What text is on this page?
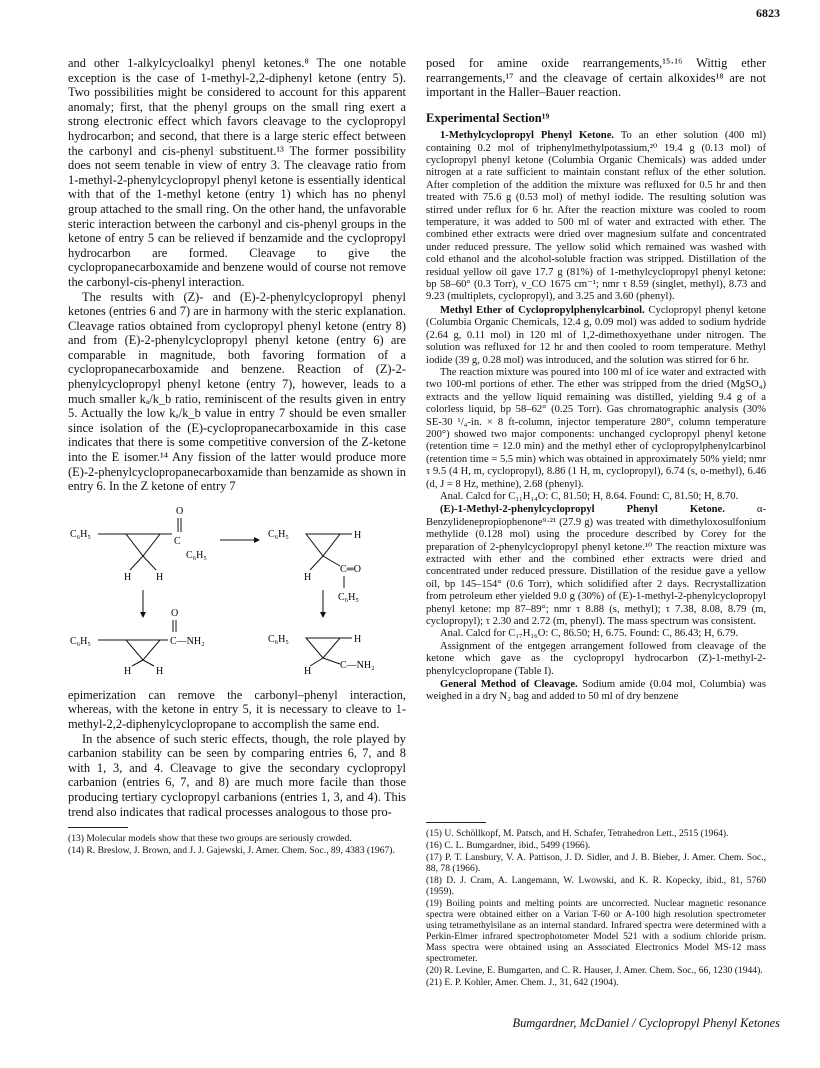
6823

and other 1-alkylcycloalkyl phenyl ketones.⁸ The one notable exception is the case of 1-methyl-2,2-diphenyl ketone (entry 5). Two possibilities might be considered to account for this apparent anomaly; first, that the phenyl groups on the small ring exert a strong electronic effect which favors cleavage to the cyclopropyl hydrocarbon; and second, that there is a large steric effect between the carbonyl and cis-phenyl substituent.¹³ The former possibility does not seem tenable in view of entry 3. The cleavage ratio from 1-methyl-2-phenylcyclopropyl phenyl ketone is essentially identical with that of the 1-methyl ketone (entry 1) which has no phenyl group attached to the small ring. On the other hand, the unfavorable steric interaction between the carbonyl and cis-phenyl groups in the ketone of entry 5 can be relieved if benzamide and the cyclopropyl hydrocarbon are formed. Cleavage to give the cyclopropanecarboxamide and benzene would of course not remove the carbonyl-cis-phenyl interaction.

The results with (Z)- and (E)-2-phenylcyclopropyl phenyl ketones (entries 6 and 7) are in harmony with the steric explanation. Cleavage ratios obtained from cyclopropyl phenyl ketone (entry 8) and from (E)-2-phenylcyclopropyl phenyl ketone (entry 6) are comparable in magnitude, both favoring formation of a cyclopropanecarboxamide and benzene. Reaction of (Z)-2-phenylcyclopropyl phenyl ketone (entry 7), however, leads to a much smaller kₐ/k_b ratio, reminiscent of the results given in entry 5. Actually the low kₐ/k_b value in entry 7 should be even smaller since isolation of the (E)-cyclopropanecarboxamide in this case indicates that there is some competitive conversion of the Z-ketone into the E isomer.¹⁴ Any fission of the latter would produce more (E)-2-phenylcyclopropanecarboxamide than benzamide as shown in entry 6. In the Z ketone of entry 7

C₆H₅
O
C
C₆H₅
H H
C₆H₅	H
H
C═O
C₆H₅
O
C₆H₅	C—NH₂
H H
C₆H₅	H
H
C—NH₂

epimerization can remove the carbonyl–phenyl interaction, whereas, with the ketone in entry 5, it is necessary to cleave to 1-methyl-2,2-diphenylcyclopropane to accomplish the same end.

In the absence of such steric effects, though, the role played by carbanion stability can be seen by comparing entries 6, 7, and 8 with 1, 3, and 4. Cleavage to give the secondary cyclopropyl carbanion (entries 6, 7, and 8) are much more facile than those producing tertiary cyclopropyl carbanions (entries 1, 3, and 4). This trend also indicates that radical processes analogous to those pro-

(13) Molecular models show that these two groups are seriously crowded.

(14) R. Breslow, J. Brown, and J. J. Gajewski, J. Amer. Chem. Soc., 89, 4383 (1967).

posed for amine oxide rearrangements,¹⁵·¹⁶ Wittig ether rearrangements,¹⁷ and the cleavage of certain alkoxides¹⁸ are not important in the Haller–Bauer reaction.

Experimental Section¹⁹

1-Methylcyclopropyl Phenyl Ketone. To an ether solution (400 ml) containing 0.2 mol of triphenylmethylpotassium,²⁰ 19.4 g (0.13 mol) of cyclopropyl phenyl ketone (Columbia Organic Chemicals) was added under nitrogen at a rate sufficient to maintain constant reflux of the ether solution. After completion of the addition the mixture was refluxed for 0.5 hr and then treated with 75.6 g (0.53 mol) of methyl iodide. The resulting solution was stirred under reflux for 6 hr. After the reaction mixture was cooled to room temperature, it was added to 500 ml of water and extracted with ether. The combined ether extracts were dried over magnesium sulfate and concentrated under reduced pressure. The yellow solid which remained was washed with cold ethanol and the alcohol-soluble fraction was stripped. Distillation of the residual yellow oil gave 17.7 g (81%) of 1-methylcyclopropyl phenyl ketone: bp 58–60° (0.3 Torr), ν_CO 1675 cm⁻¹; nmr τ 8.59 (singlet, methyl), 8.73 and 9.23 (multiplets, cyclopropyl), and 3.25 and 3.60 (phenyl).

Methyl Ether of Cyclopropylphenylcarbinol. Cyclopropyl phenyl ketone (Columbia Organic Chemicals, 12.4 g, 0.09 mol) was added to sodium hydride (2.64 g, 0.11 mol) in 120 ml of 1,2-dimethoxyethane under nitrogen. The solution was refluxed for 12 hr and then cooled to room temperature. Methyl iodide (39 g, 0.28 mol) was introduced, and the solution was stirred for 6 hr.

The reaction mixture was poured into 100 ml of ice water and extracted with two 100-ml portions of ether. The ether was stripped from the dried (MgSO₄) extracts and the yellow liquid remaining was distilled, yielding 9.4 g of a colorless liquid, bp 58–62° (0.25 Torr). Gas chromatographic analysis (30% SE-30 ¹/₄-in. × 8 ft-column, injector temperature 280°, column temperature 200°) showed two major components: unchanged cyclopropyl phenyl ketone (retention time = 12.0 min) and the methyl ether of cyclopropylphenylcarbinol (retention time = 5.5 min) which was obtained in approximately 50% yield; nmr τ 9.5 (4 H, m, cyclopropyl), 8.86 (1 H, m, cyclopropyl), 6.74 (s, o-methyl), 6.46 (d, J = 8 Hz, methine), 2.68 (phenyl).

Anal. Calcd for C₁₁H₁₄O: C, 81.50; H, 8.64. Found: C, 81.50; H, 8.70.

(E)-1-Methyl-2-phenylcyclopropyl Phenyl Ketone. α-Benzylidenepropiophenone⁹·²¹ (27.9 g) was treated with dimethyloxosulfonium methylide (0.128 mol) using the procedure described by Corey for the preparation of 2-phenylcyclopropyl phenyl ketone.¹⁰ The reaction mixture was extracted with ether and the combined ether extracts were dried and concentrated under reduced pressure. Distillation of the residue gave a yellow oil, bp 145–154° (0.6 Torr), which solidified after 2 days. Recrystallization from petroleum ether yielded 9.0 g (30%) of (E)-1-methyl-2-phenylcyclopropyl phenyl ketone: mp 87–89°; nmr τ 8.88 (s, methyl); τ 7.38, 8.08, 8.79 (m, cyclopropyl); τ 2.30 and 2.72 (m, phenyl). The mass spectrum was consistent.

Anal. Calcd for C₁₇H₁₆O: C, 86.50; H, 6.75. Found: C, 86.43; H, 6.79.

Assignment of the entgegen arrangement followed from cleavage of the ketone which gave as the cyclopropyl hydrocarbon (Z)-1-methyl-2-phenylcyclopropane (Table I).

General Method of Cleavage. Sodium amide (0.04 mol, Columbia) was weighed in a dry N₂ bag and added to 50 ml of dry benzene

(15) U. Schöllkopf, M. Patsch, and H. Schafer, Tetrahedron Lett., 2515 (1964).

(16) C. L. Bumgardner, ibid., 5499 (1966).

(17) P. T. Lansbury, V. A. Pattison, J. D. Sidler, and J. B. Bieber, J. Amer. Chem. Soc., 88, 78 (1966).

(18) D. J. Cram, A. Langemann, W. Lwowski, and K. R. Kopecky, ibid., 81, 5760 (1959).

(19) Boiling points and melting points are uncorrected. Nuclear magnetic resonance spectra were obtained either on a Varian T-60 or A-100 high resolution spectrometer using tetramethylsilane as an internal standard. Infrared spectra were determined with a Perkin-Elmer infrared spectrophotometer Model 521 with a sodium chloride prism. Mass spectra were obtained using an Associated Electronics Model MS-12 mass spectrometer.

(20) R. Levine, E. Bumgarten, and C. R. Hauser, J. Amer. Chem. Soc., 66, 1230 (1944).

(21) E. P. Kohler, Amer. Chem. J., 31, 642 (1904).

Bumgardner, McDaniel / Cyclopropyl Phenyl Ketones
